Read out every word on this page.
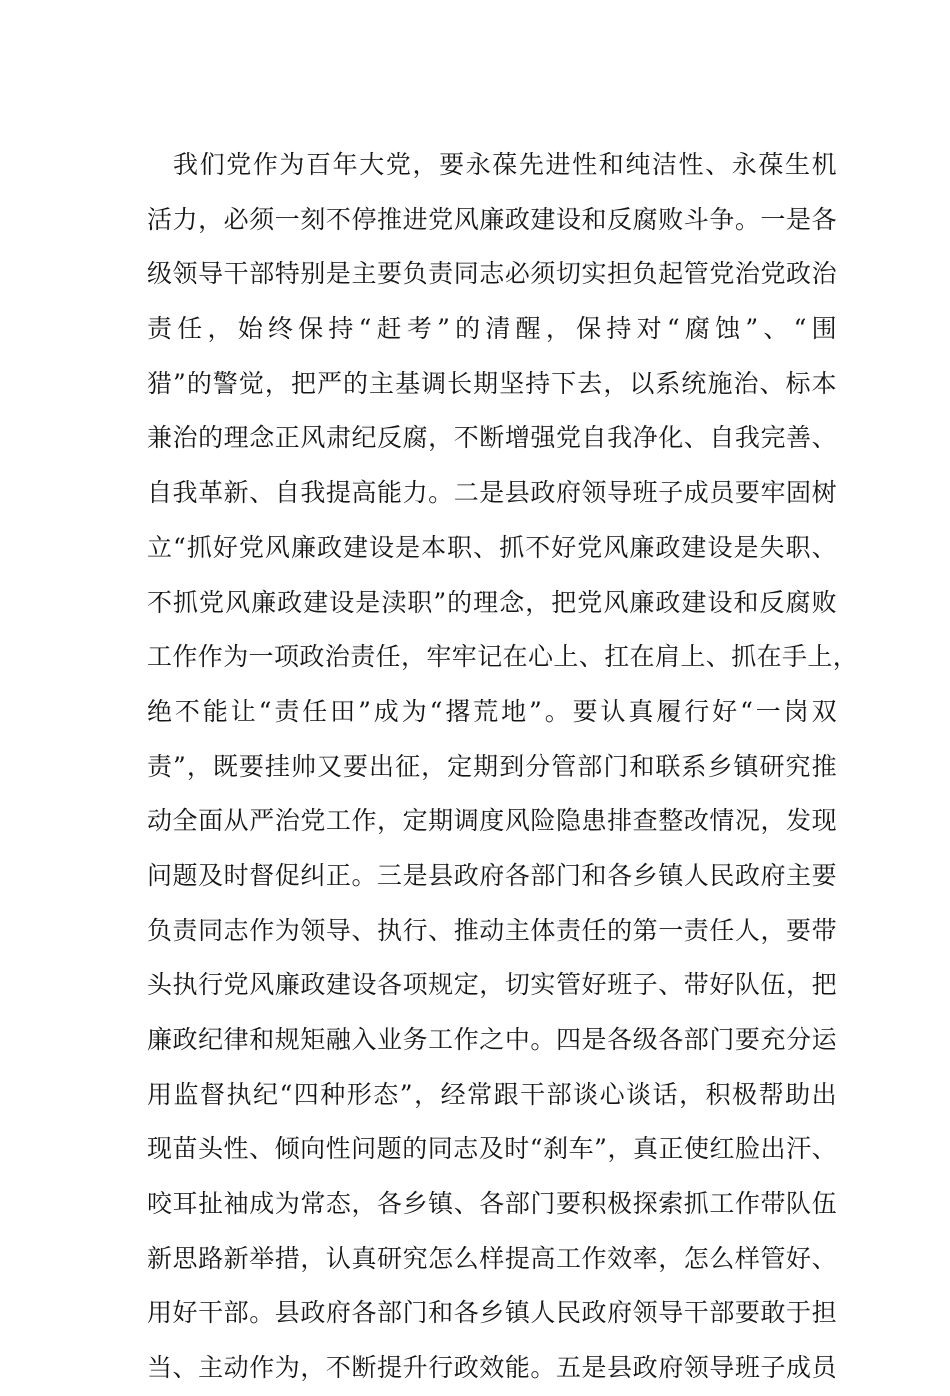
我们党作为百年大党，要永葆先进性和纯洁性、永葆生机
活力，必须一刻不停推进党风廉政建设和反腐败斗争。一是各
级领导干部特别是主要负责同志必须切实担负起管党治党政治
责任，始终保持“赶考”的清醒，保持对“腐蚀”、“围
猎”的警觉，把严的主基调长期坚持下去，以系统施治、标本
兼治的理念正风肃纪反腐，不断增强党自我净化、自我完善、
自我革新、自我提高能力。二是县政府领导班子成员要牢固树
立“抓好党风廉政建设是本职、抓不好党风廉政建设是失职、
不抓党风廉政建设是渎职”的理念，把党风廉政建设和反腐败
工作作为一项政治责任，牢牢记在心上、扛在肩上、抓在手上，
绝不能让“责任田”成为“撂荒地”。要认真履行好“一岗双
责”，既要挂帅又要出征，定期到分管部门和联系乡镇研究推
动全面从严治党工作，定期调度风险隐患排查整改情况，发现
问题及时督促纠正。三是县政府各部门和各乡镇人民政府主要
负责同志作为领导、执行、推动主体责任的第一责任人，要带
头执行党风廉政建设各项规定，切实管好班子、带好队伍，把
廉政纪律和规矩融入业务工作之中。四是各级各部门要充分运
用监督执纪“四种形态”，经常跟干部谈心谈话，积极帮助出
现苗头性、倾向性问题的同志及时“刹车”，真正使红脸出汗、
咬耳扯袖成为常态，各乡镇、各部门要积极探索抓工作带队伍
新思路新举措，认真研究怎么样提高工作效率，怎么样管好、
用好干部。县政府各部门和各乡镇人民政府领导干部要敢于担
当、主动作为，不断提升行政效能。五是县政府领导班子成员
